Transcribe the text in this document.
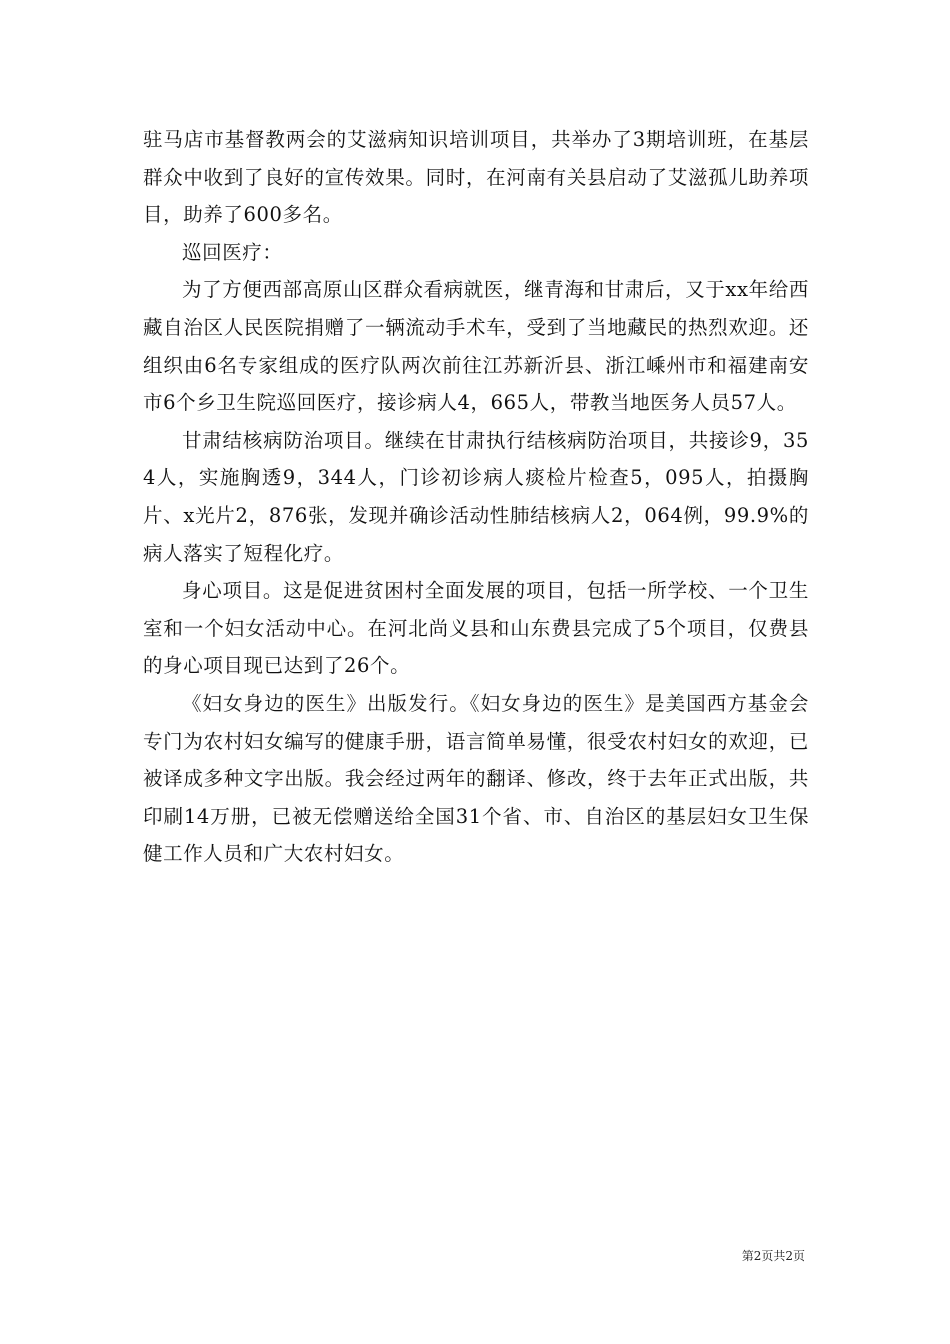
驻马店市基督教两会的艾滋病知识培训项目，共举办了3期培训班，在基层群众中收到了良好的宣传效果。同时，在河南有关县启动了艾滋孤儿助养项目，助养了600多名。

巡回医疗：

为了方便西部高原山区群众看病就医，继青海和甘肃后，又于xx年给西藏自治区人民医院捐赠了一辆流动手术车，受到了当地藏民的热烈欢迎。还组织由6名专家组成的医疗队两次前往江苏新沂县、浙江嵊州市和福建南安市6个乡卫生院巡回医疗，接诊病人4，665人，带教当地医务人员57人。

甘肃结核病防治项目。继续在甘肃执行结核病防治项目，共接诊9，354人，实施胸透9，344人，门诊初诊病人痰检片检查5，095人，拍摄胸片、x光片2，876张，发现并确诊活动性肺结核病人2，064例，99.9%的病人落实了短程化疗。

身心项目。这是促进贫困村全面发展的项目，包括一所学校、一个卫生室和一个妇女活动中心。在河北尚义县和山东费县完成了5个项目，仅费县的身心项目现已达到了26个。

《妇女身边的医生》出版发行。《妇女身边的医生》是美国西方基金会专门为农村妇女编写的健康手册，语言简单易懂，很受农村妇女的欢迎，已被译成多种文字出版。我会经过两年的翻译、修改，终于去年正式出版，共印刷14万册，已被无偿赠送给全国31个省、市、自治区的基层妇女卫生保健工作人员和广大农村妇女。

第2页共2页
